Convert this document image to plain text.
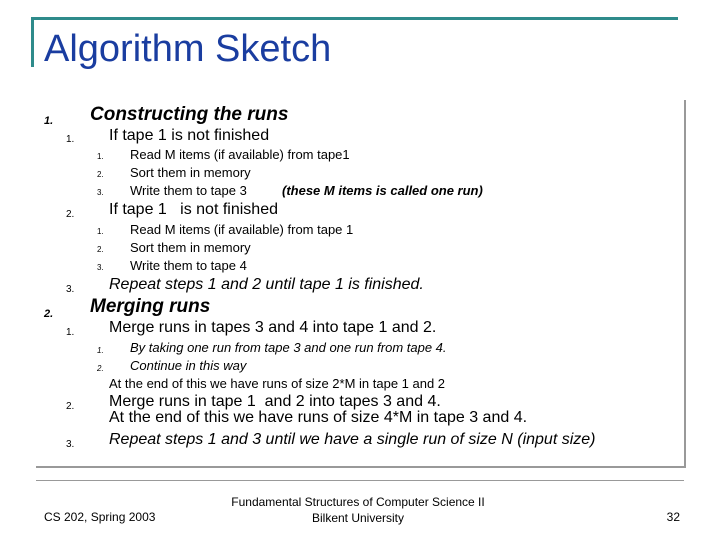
Algorithm Sketch
1. Constructing the runs
1. If tape 1 is not finished
1. Read M items (if available) from tape1
2. Sort them in memory
3. Write them to tape 3	(these M items is called one run)
2. If tape 1   is not finished
1. Read M items (if available) from tape 1
2. Sort them in memory
3. Write them to tape 4
3. Repeat steps 1 and 2 until tape 1 is finished.
2. Merging runs
1. Merge runs in tapes 3 and 4 into tape 1 and 2.
1. By taking one run from tape 3 and one run from tape 4.
2. Continue in this way
At the end of this we have runs of size 2*M in tape 1 and 2
2. Merge runs in tape 1  and 2 into tapes 3 and 4.
At the end of this we have runs of size 4*M in tape 3 and 4.
3. Repeat steps 1 and 3 until we have a single run of size N (input size)
CS 202, Spring 2003
Fundamental Structures of Computer Science II
Bilkent University	32
